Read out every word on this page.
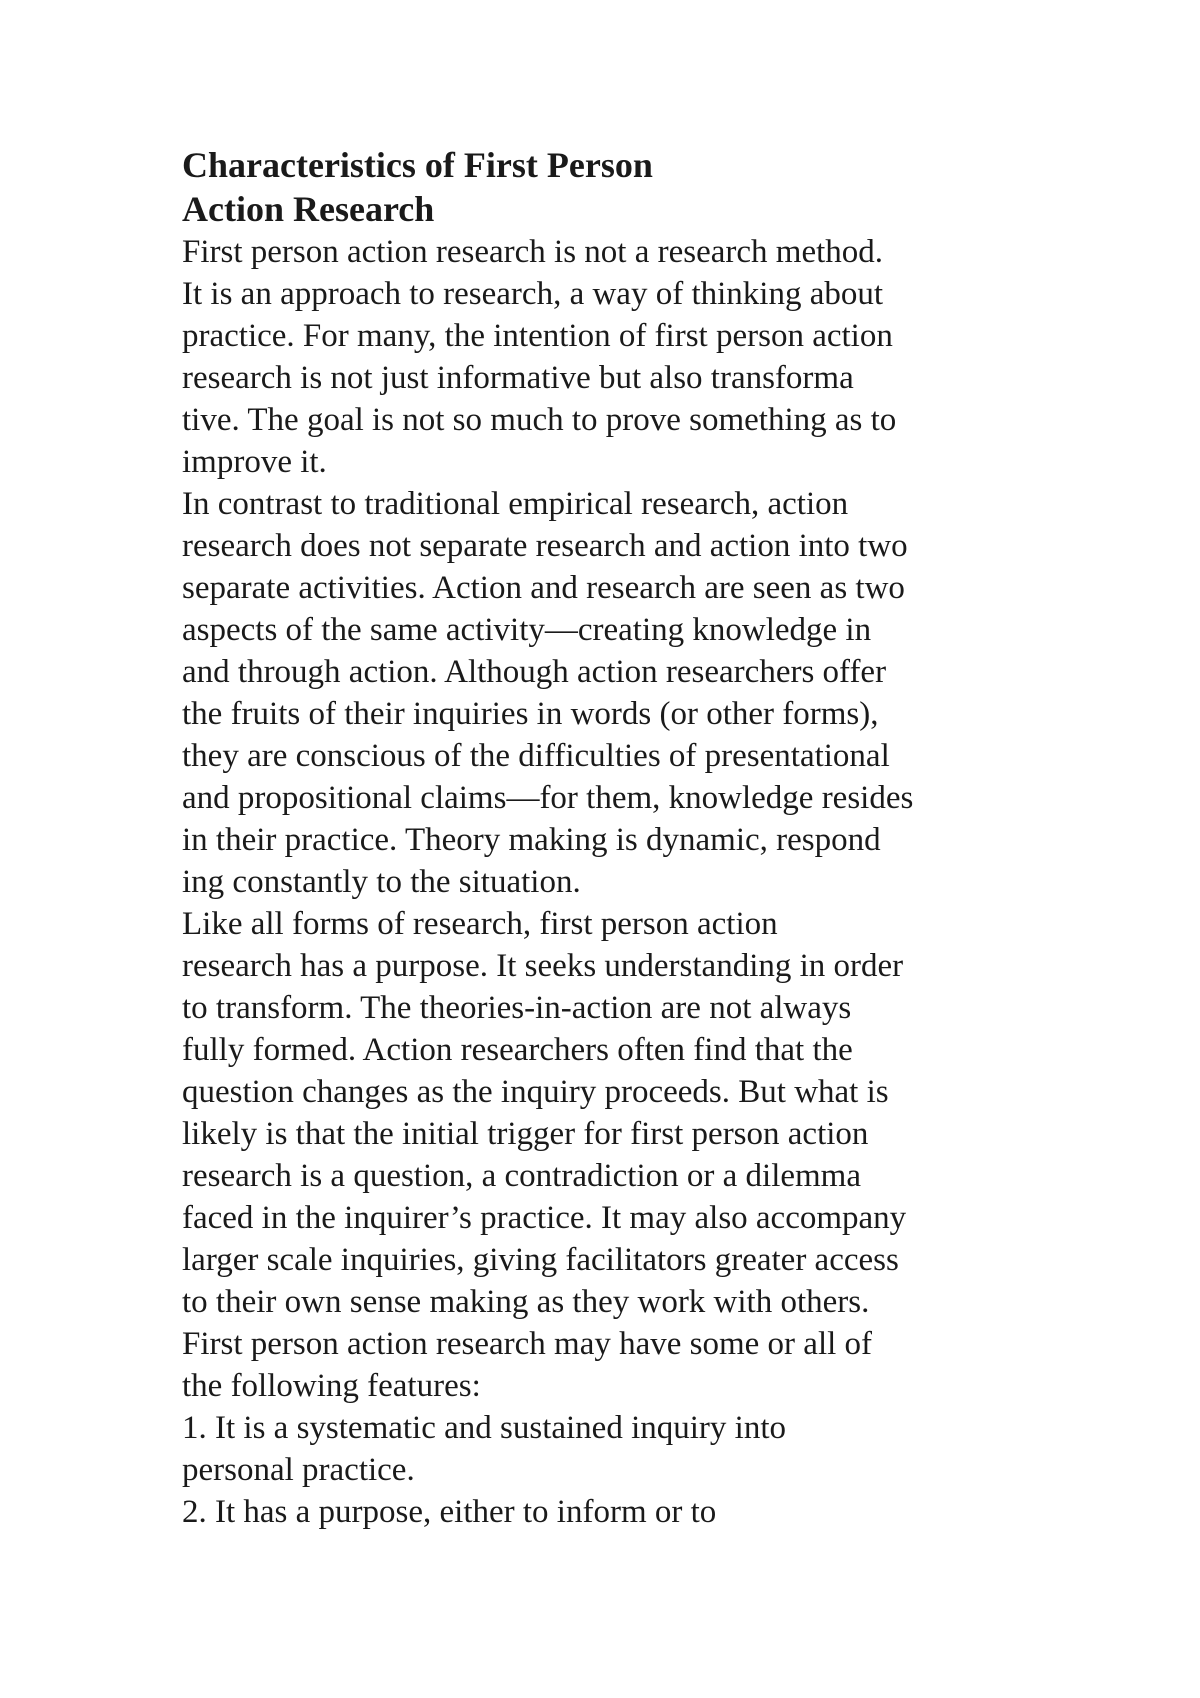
Characteristics of First Person
Action Research
First person action research is not a research method.
It is an approach to research, a way of thinking about
practice. For many, the intention of first person action
research is not just informative but also transforma
tive. The goal is not so much to prove something as to
improve it.
In contrast to traditional empirical research, action
research does not separate research and action into two
separate activities. Action and research are seen as two
aspects of the same activity—creating knowledge in
and through action. Although action researchers offer
the fruits of their inquiries in words (or other forms),
they are conscious of the difficulties of presentational
and propositional claims—for them, knowledge resides
in their practice. Theory making is dynamic, respond
ing constantly to the situation.
Like all forms of research, first person action
research has a purpose. It seeks understanding in order
to transform. The theories-in-action are not always
fully formed. Action researchers often find that the
question changes as the inquiry proceeds. But what is
likely is that the initial trigger for first person action
research is a question, a contradiction or a dilemma
faced in the inquirer’s practice. It may also accompany
larger scale inquiries, giving facilitators greater access
to their own sense making as they work with others.
First person action research may have some or all of
the following features:
1. It is a systematic and sustained inquiry into
personal practice.
2. It has a purpose, either to inform or to
